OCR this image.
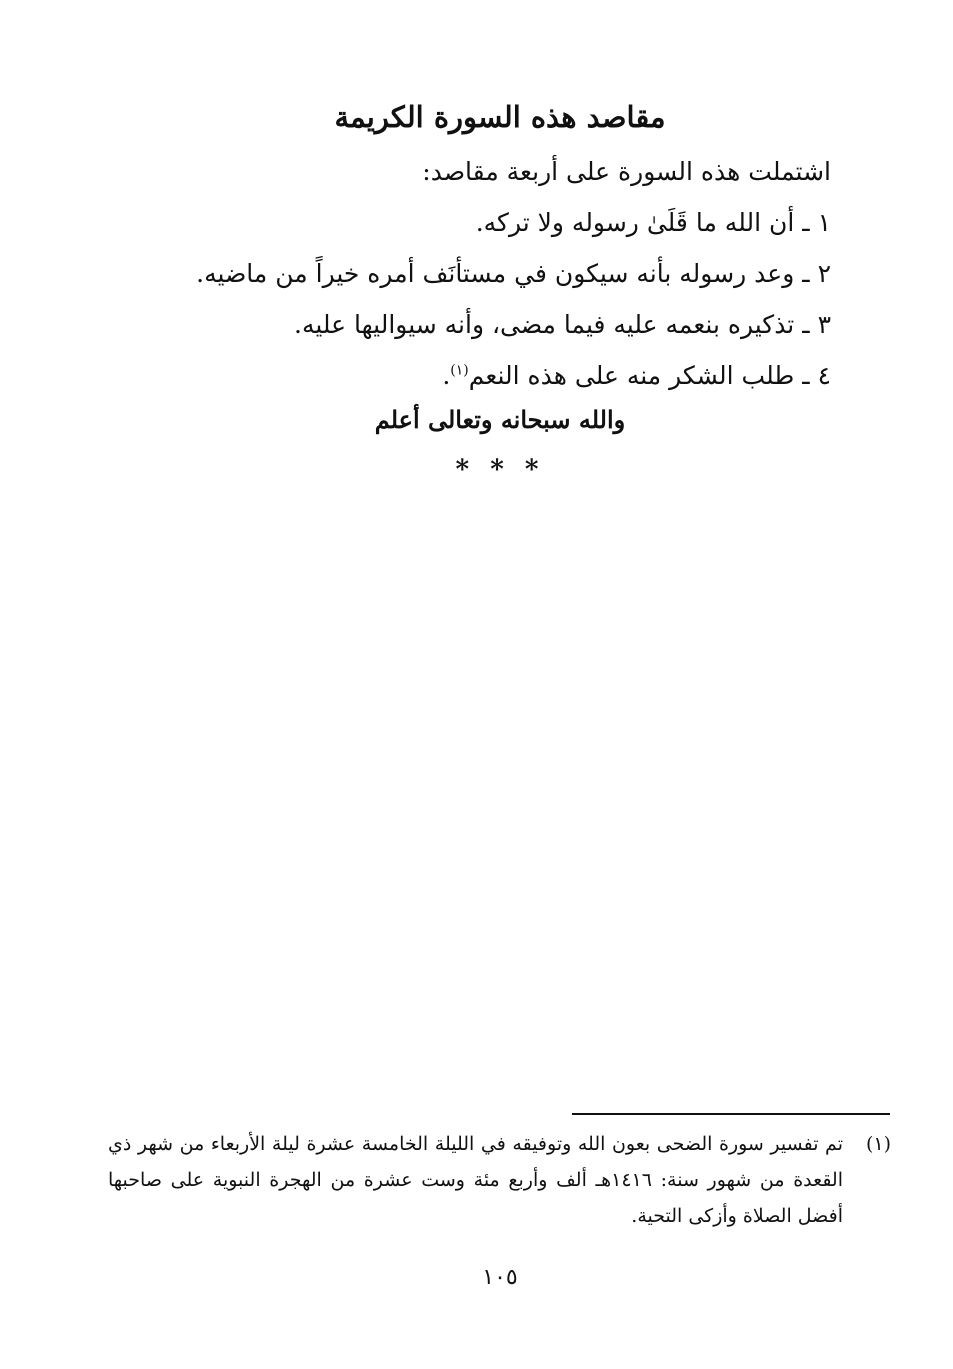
مقاصد هذه السورة الكريمة
اشتملت هذه السورة على أربعة مقاصد:
١ ـأن الله ما قَلَىٰ رسوله ولا تركه.
٢ ـوعد رسوله بأنه سيكون في مستأنَف أمره خيراً من ماضيه.
٣ ـتذكيره بنعمه عليه فيما مضى، وأنه سيواليها عليه.
٤ ـطلب الشكر منه على هذه النعم$^{(١)}$.
والله سبحانه وتعالى أعلم
* * *
(١)
تم تفسير سورة الضحى بعون الله وتوفيقه في الليلة الخامسة عشرة ليلة الأربعاء من شهر ذي القعدة من شهور سنة: ١٤١٦هـ ألف وأربع مئة وست عشرة من الهجرة النبوية على صاحبها أفضل الصلاة وأزكى التحية.
١٠٥
